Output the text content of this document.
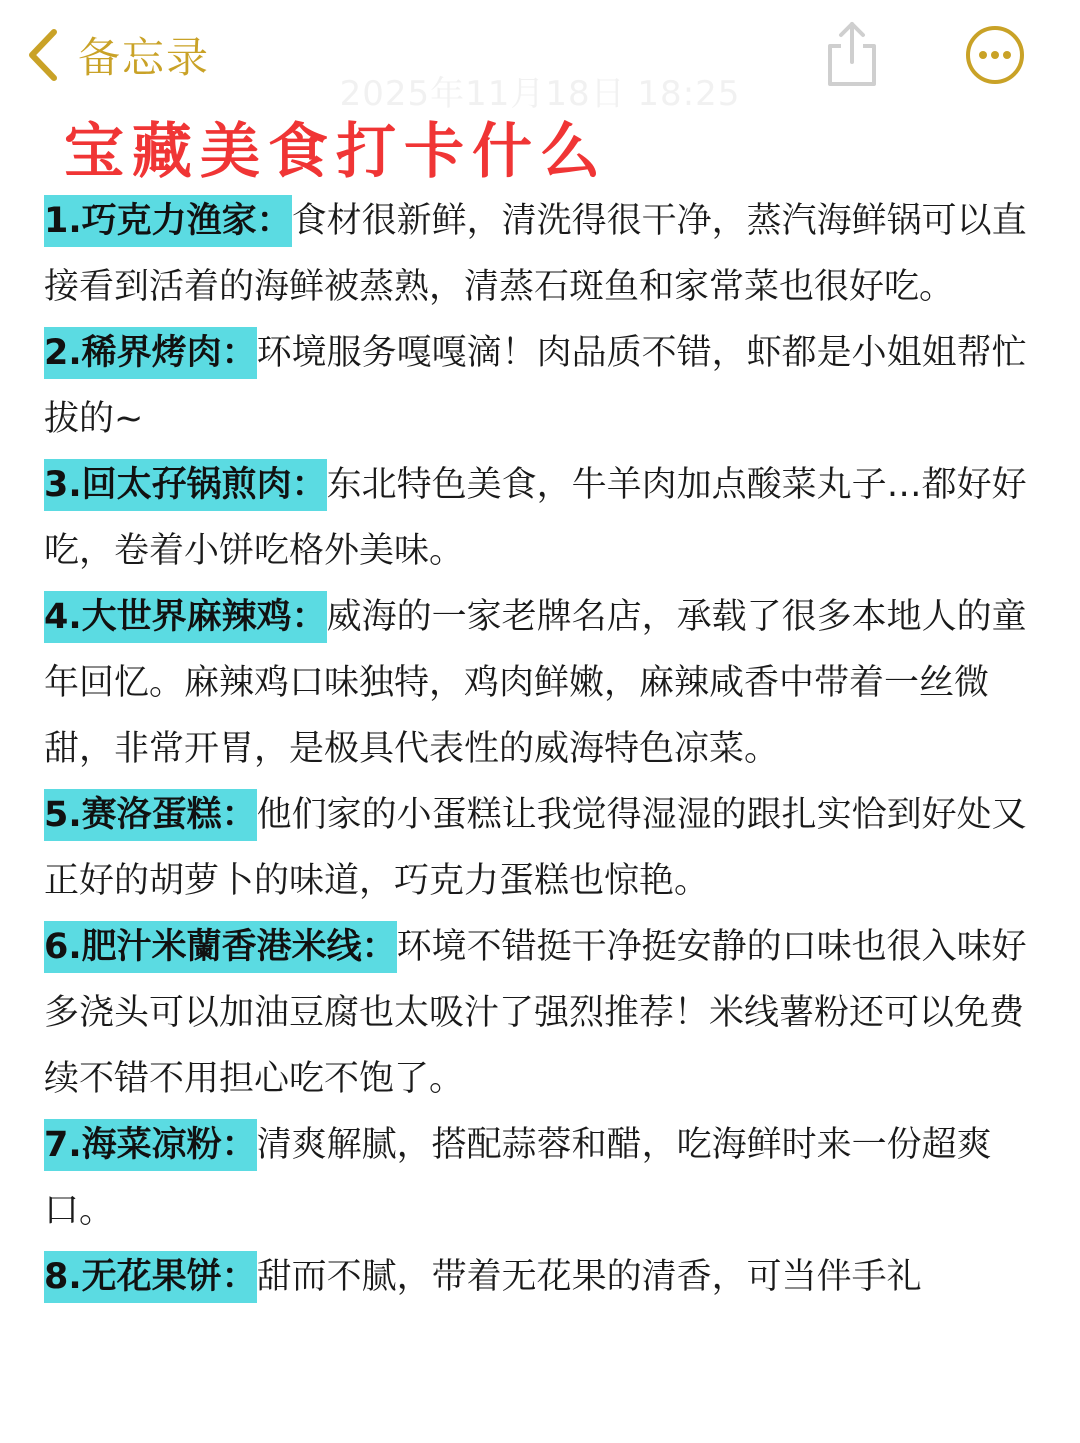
备忘录
2025年11月18日 18:25
宝藏美食打卡什么
1.巧克力渔家：食材很新鲜，清洗得很干净，蒸汽海鲜锅可以直接看到活着的海鲜被蒸熟，清蒸石斑鱼和家常菜也很好吃。
2.稀界烤肉：环境服务嘎嘎滴！肉品质不错，虾都是小姐姐帮忙拔的~
3.回太孖锅煎肉：东北特色美食，牛羊肉加点酸菜丸子…都好好吃，卷着小饼吃格外美味。
4.大世界麻辣鸡：威海的一家老牌名店，承载了很多本地人的童年回忆。麻辣鸡口味独特，鸡肉鲜嫩，麻辣咸香中带着一丝微甜，非常开胃，是极具代表性的威海特色凉菜。
5.赛洛蛋糕：他们家的小蛋糕让我觉得湿湿的跟扎实恰到好处又正好的胡萝卜的味道，巧克力蛋糕也惊艳。
6.肥汁米蘭香港米线：环境不错挺干净挺安静的口味也很入味好多浇头可以加油豆腐也太吸汁了强烈推荐！米线薯粉还可以免费续不错不用担心吃不饱了。
7.海菜凉粉：清爽解腻，搭配蒜蓉和醋，吃海鲜时来一份超爽口。
8.无花果饼：甜而不腻，带着无花果的清香，可当伴手礼
